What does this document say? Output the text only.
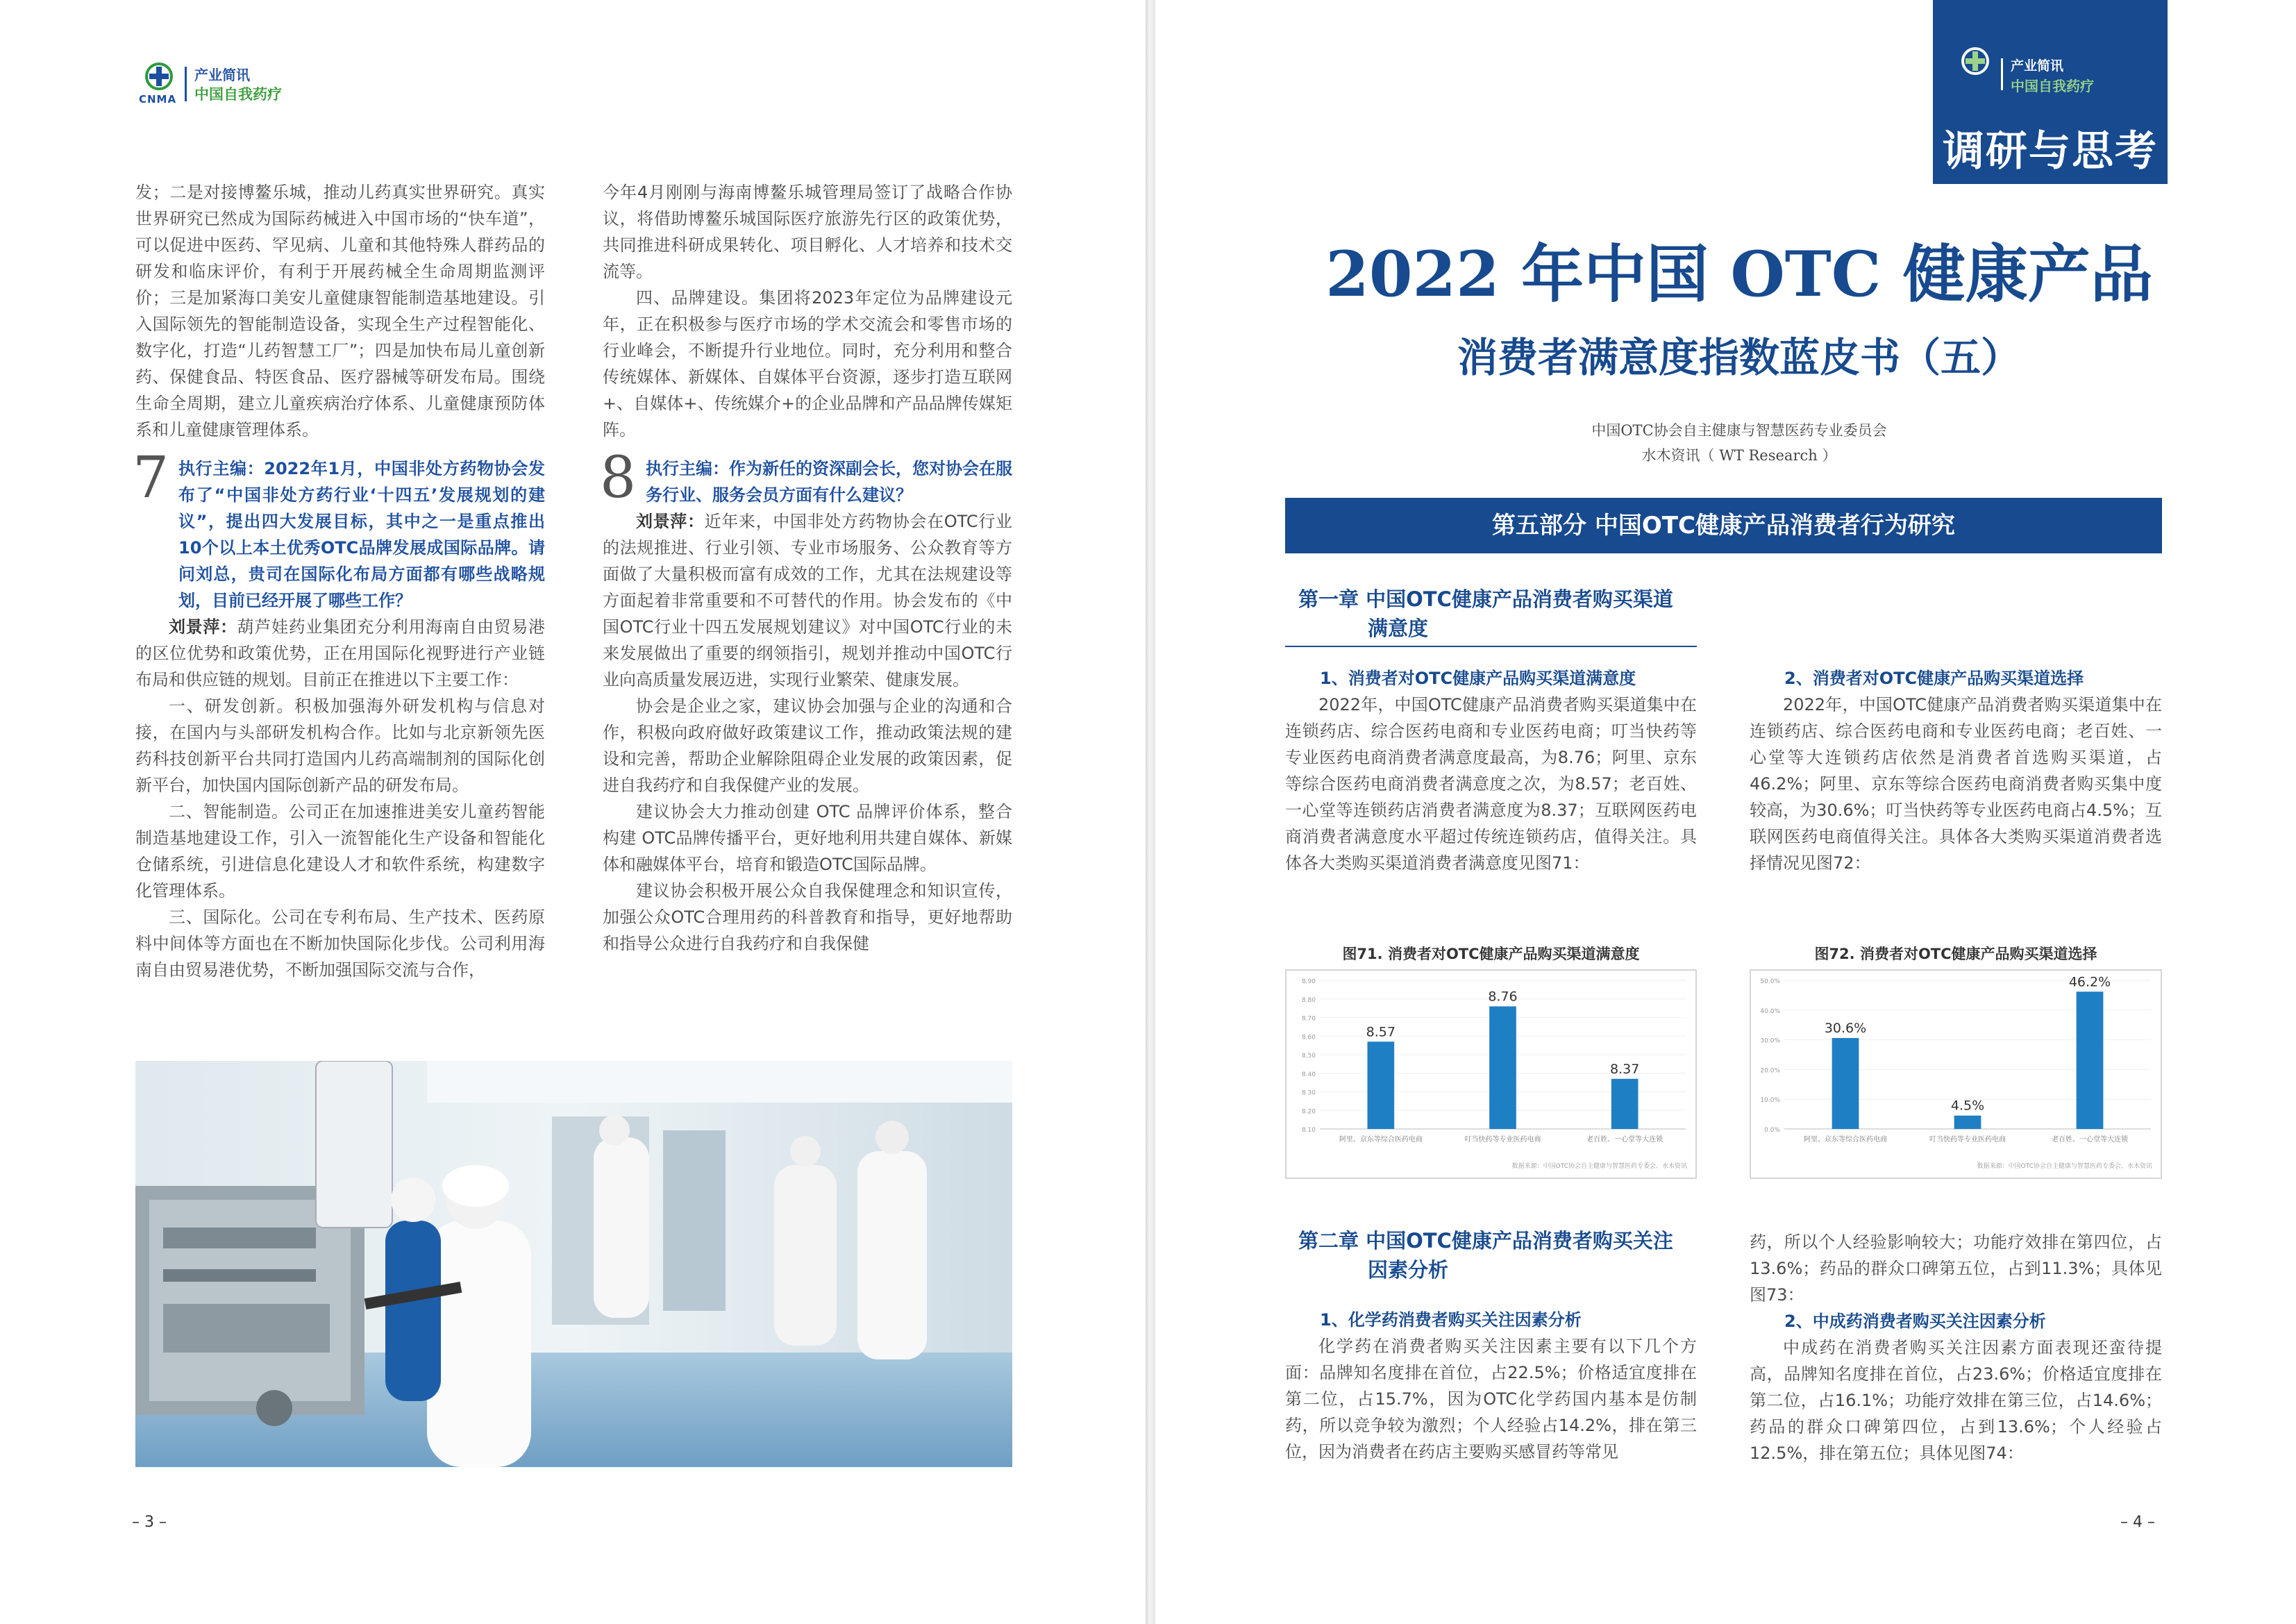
CNMA
产业简讯
中国自我药疗

发；二是对接博鳌乐城，推动儿药真实世界研究。真实世界研究已然成为国际药械进入中国市场的“快车道”，可以促进中医药、罕见病、儿童和其他特殊人群药品的研发和临床评价，有利于开展药械全生命周期监测评价；三是加紧海口美安儿童健康智能制造基地建设。引入国际领先的智能制造设备，实现全生产过程智能化、数字化，打造“儿药智慧工厂”；四是加快布局儿童创新药、保健食品、特医食品、医疗器械等研发布局。围绕生命全周期，建立儿童疾病治疗体系、儿童健康预防体系和儿童健康管理体系。

7 执行主编：2022年1月，中国非处方药物协会发布了“中国非处方药行业‘十四五’发展规划的建议”，提出四大发展目标，其中之一是重点推出10个以上本土优秀OTC品牌发展成国际品牌。请问刘总，贵司在国际化布局方面都有哪些战略规划，目前已经开展了哪些工作？

刘景萍：葫芦娃药业集团充分利用海南自由贸易港的区位优势和政策优势，正在用国际化视野进行产业链布局和供应链的规划。目前正在推进以下主要工作：

一、研发创新。积极加强海外研发机构与信息对接，在国内与头部研发机构合作。比如与北京新领先医药科技创新平台共同打造国内儿药高端制剂的国际化创新平台，加快国内国际创新产品的研发布局。

二、智能制造。公司正在加速推进美安儿童药智能制造基地建设工作，引入一流智能化生产设备和智能化仓储系统，引进信息化建设人才和软件系统，构建数字化管理体系。

三、国际化。公司在专利布局、生产技术、医药原料中间体等方面也在不断加快国际化步伐。公司利用海南自由贸易港优势，不断加强国际交流与合作，

今年4月刚刚与海南博鳌乐城管理局签订了战略合作协议，将借助博鳌乐城国际医疗旅游先行区的政策优势，共同推进科研成果转化、项目孵化、人才培养和技术交流等。

四、品牌建设。集团将2023年定位为品牌建设元年，正在积极参与医疗市场的学术交流会和零售市场的行业峰会，不断提升行业地位。同时，充分利用和整合传统媒体、新媒体、自媒体平台资源，逐步打造互联网+、自媒体+、传统媒介+的企业品牌和产品品牌传媒矩阵。

8 执行主编：作为新任的资深副会长，您对协会在服务行业、服务会员方面有什么建议？

刘景萍：近年来，中国非处方药物协会在OTC行业的法规推进、行业引领、专业市场服务、公众教育等方面做了大量积极而富有成效的工作，尤其在法规建设等方面起着非常重要和不可替代的作用。协会发布的《中国OTC行业十四五发展规划建议》对中国OTC行业的未来发展做出了重要的纲领指引，规划并推动中国OTC行业向高质量发展迈进，实现行业繁荣、健康发展。

协会是企业之家，建议协会加强与企业的沟通和合作，积极向政府做好政策建议工作，推动政策法规的建设和完善，帮助企业解除阻碍企业发展的政策因素，促进自我药疗和自我保健产业的发展。

建议协会大力推动创建 OTC 品牌评价体系，整合构建 OTC品牌传播平台，更好地利用共建自媒体、新媒体和融媒体平台，培育和锻造OTC国际品牌。

建议协会积极开展公众自我保健理念和知识宣传，加强公众OTC合理用药的科普教育和指导，更好地帮助和指导公众进行自我药疗和自我保健

– 3 –
产业简讯
中国自我药疗
调研与思考
2022 年中国 OTC 健康产品
消费者满意度指数蓝皮书（五）
中国OTC协会自主健康与智慧医药专业委员会
水木资讯（ WT Research ）
第五部分 中国OTC健康产品消费者行为研究
第一章 中国OTC健康产品消费者购买渠道
满意度
1、消费者对OTC健康产品购买渠道满意度

2022年，中国OTC健康产品消费者购买渠道集中在连锁药店、综合医药电商和专业医药电商；叮当快药等专业医药电商消费者满意度最高，为8.76；阿里、京东等综合医药电商消费者满意度之次，为8.57；老百姓、一心堂等连锁药店消费者满意度为8.37；互联网医药电商消费者满意度水平超过传统连锁药店，值得关注。具体各大类购买渠道消费者满意度见图71：

2、消费者对OTC健康产品购买渠道选择

2022年，中国OTC健康产品消费者购买渠道集中在连锁药店、综合医药电商和专业医药电商；老百姓、一心堂等大连锁药店依然是消费者首选购买渠道，占46.2%；阿里、京东等综合医药电商消费者购买集中度较高，为30.6%；叮当快药等专业医药电商占4.5%；互联网医药电商值得关注。具体各大类购买渠道消费者选择情况见图72：

图71. 消费者对OTC健康产品购买渠道满意度
8.90
8.80
8.70
8.60
8.50
8.40
8.30
8.20
8.10
8.57
阿里、京东等综合医药电商
8.76
叮当快药等专业医药电商
8.37
老百姓、一心堂等大连锁
数据来源：中国OTC协会自主健康与智慧医药专委会、水木资讯
图72. 消费者对OTC健康产品购买渠道选择
50.0%
40.0%
30.0%
20.0%
10.0%
0.0%
30.6%
阿里、京东等综合医药电商
4.5%
叮当快药等专业医药电商
46.2%
老百姓、一心堂等大连锁
数据来源：中国OTC协会自主健康与智慧医药专委会、水木资讯
第二章 中国OTC健康产品消费者购买关注
因素分析
1、化学药消费者购买关注因素分析

化学药在消费者购买关注因素主要有以下几个方面：品牌知名度排在首位，占22.5%；价格适宜度排在第二位，占15.7%，因为OTC化学药国内基本是仿制药，所以竞争较为激烈；个人经验占14.2%，排在第三位，因为消费者在药店主要购买感冒药等常见

药，所以个人经验影响较大；功能疗效排在第四位，占13.6%；药品的群众口碑第五位，占到11.3%；具体见图73：

2、中成药消费者购买关注因素分析

中成药在消费者购买关注因素方面表现还蛮待提高，品牌知名度排在首位，占23.6%；价格适宜度排在第二位，占16.1%；功能疗效排在第三位，占14.6%；药品的群众口碑第四位，占到13.6%；个人经验占12.5%，排在第五位；具体见图74：

– 4 –
